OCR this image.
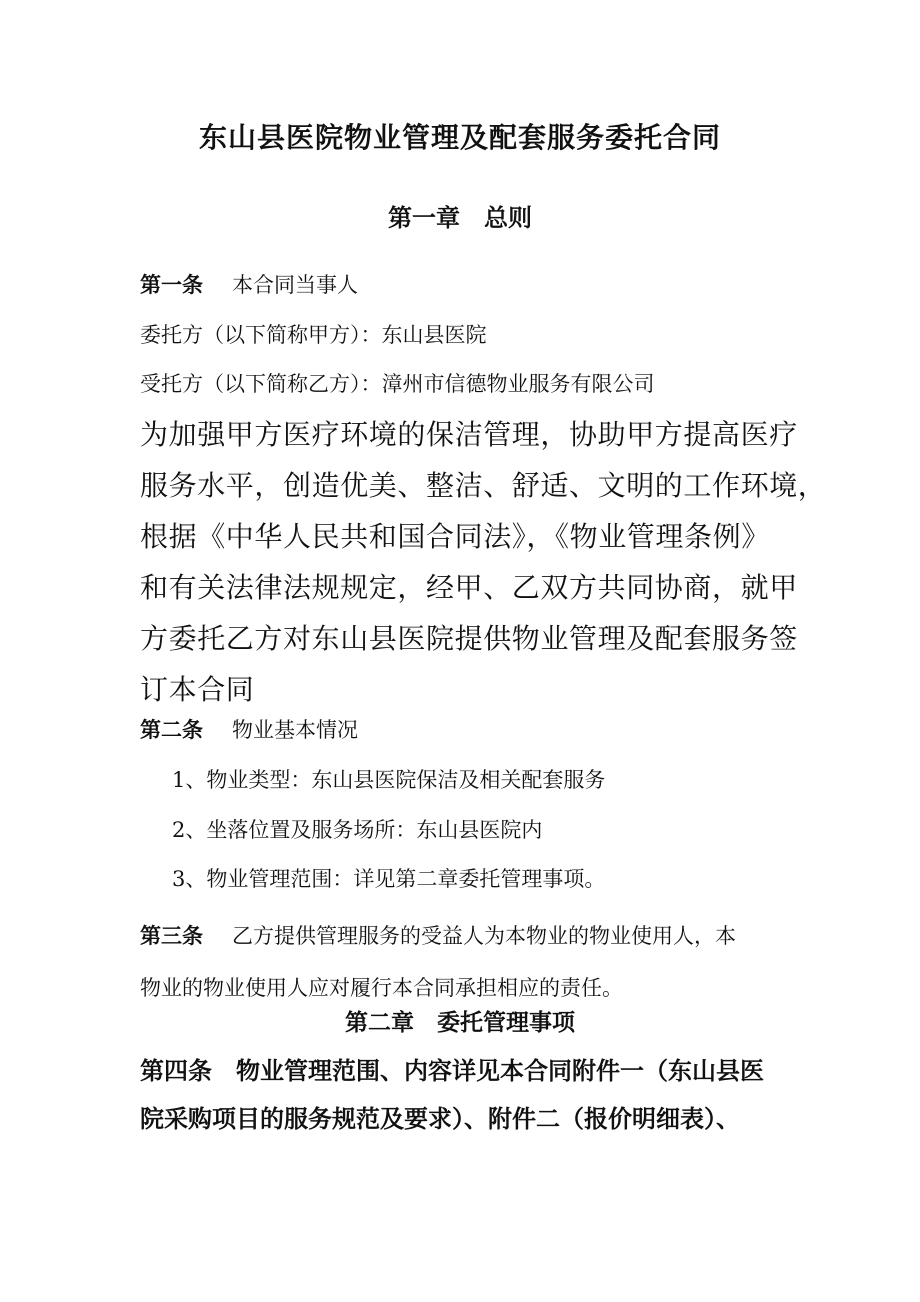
东山县医院物业管理及配套服务委托合同
第一章　总则
第一条 本合同当事人
委托方（以下简称甲方）：东山县医院
受托方（以下简称乙方）：漳州市信德物业服务有限公司

为加强甲方医疗环境的保洁管理，协助甲方提高医疗

服务水平，创造优美、整洁、舒适、文明的工作环境，

根据《中华人民共和国合同法》，《物业管理条例》

和有关法律法规规定，经甲、乙双方共同协商，就甲

方委托乙方对东山县医院提供物业管理及配套服务签

订本合同

第二条 物业基本情况
1、物业类型：东山县医院保洁及相关配套服务
2、坐落位置及服务场所：东山县医院内
3、物业管理范围：详见第二章委托管理事项。

第三条 乙方提供管理服务的受益人为本物业的物业使用人，本

物业的物业使用人应对履行本合同承担相应的责任。

第二章　委托管理事项

第四条　物业管理范围、内容详见本合同附件一（东山县医

院采购项目的服务规范及要求）、附件二（报价明细表）、
